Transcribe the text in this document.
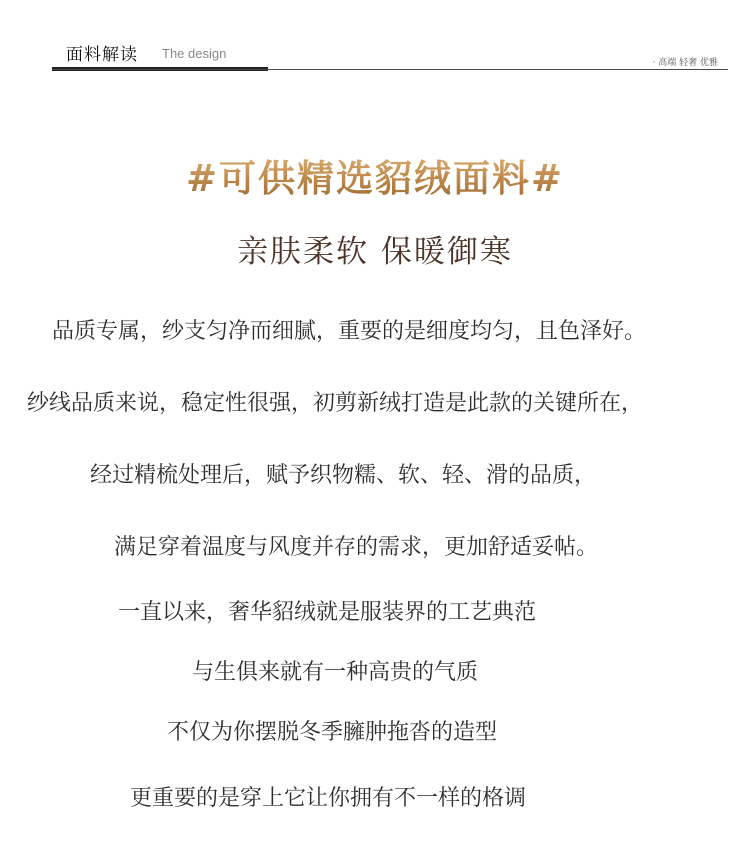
面料解读 The design
· 高端 轻奢 优雅
#可供精选貂绒面料#
亲肤柔软 保暖御寒
品质专属，纱支匀净而细腻，重要的是细度均匀，且色泽好。
纱线品质来说，稳定性很强，初剪新绒打造是此款的关键所在，
经过精梳处理后，赋予织物糯、软、轻、滑的品质，
满足穿着温度与风度并存的需求，更加舒适妥帖。
一直以来，奢华貂绒就是服装界的工艺典范
与生俱来就有一种高贵的气质
不仅为你摆脱冬季臃肿拖沓的造型
更重要的是穿上它让你拥有不一样的格调
